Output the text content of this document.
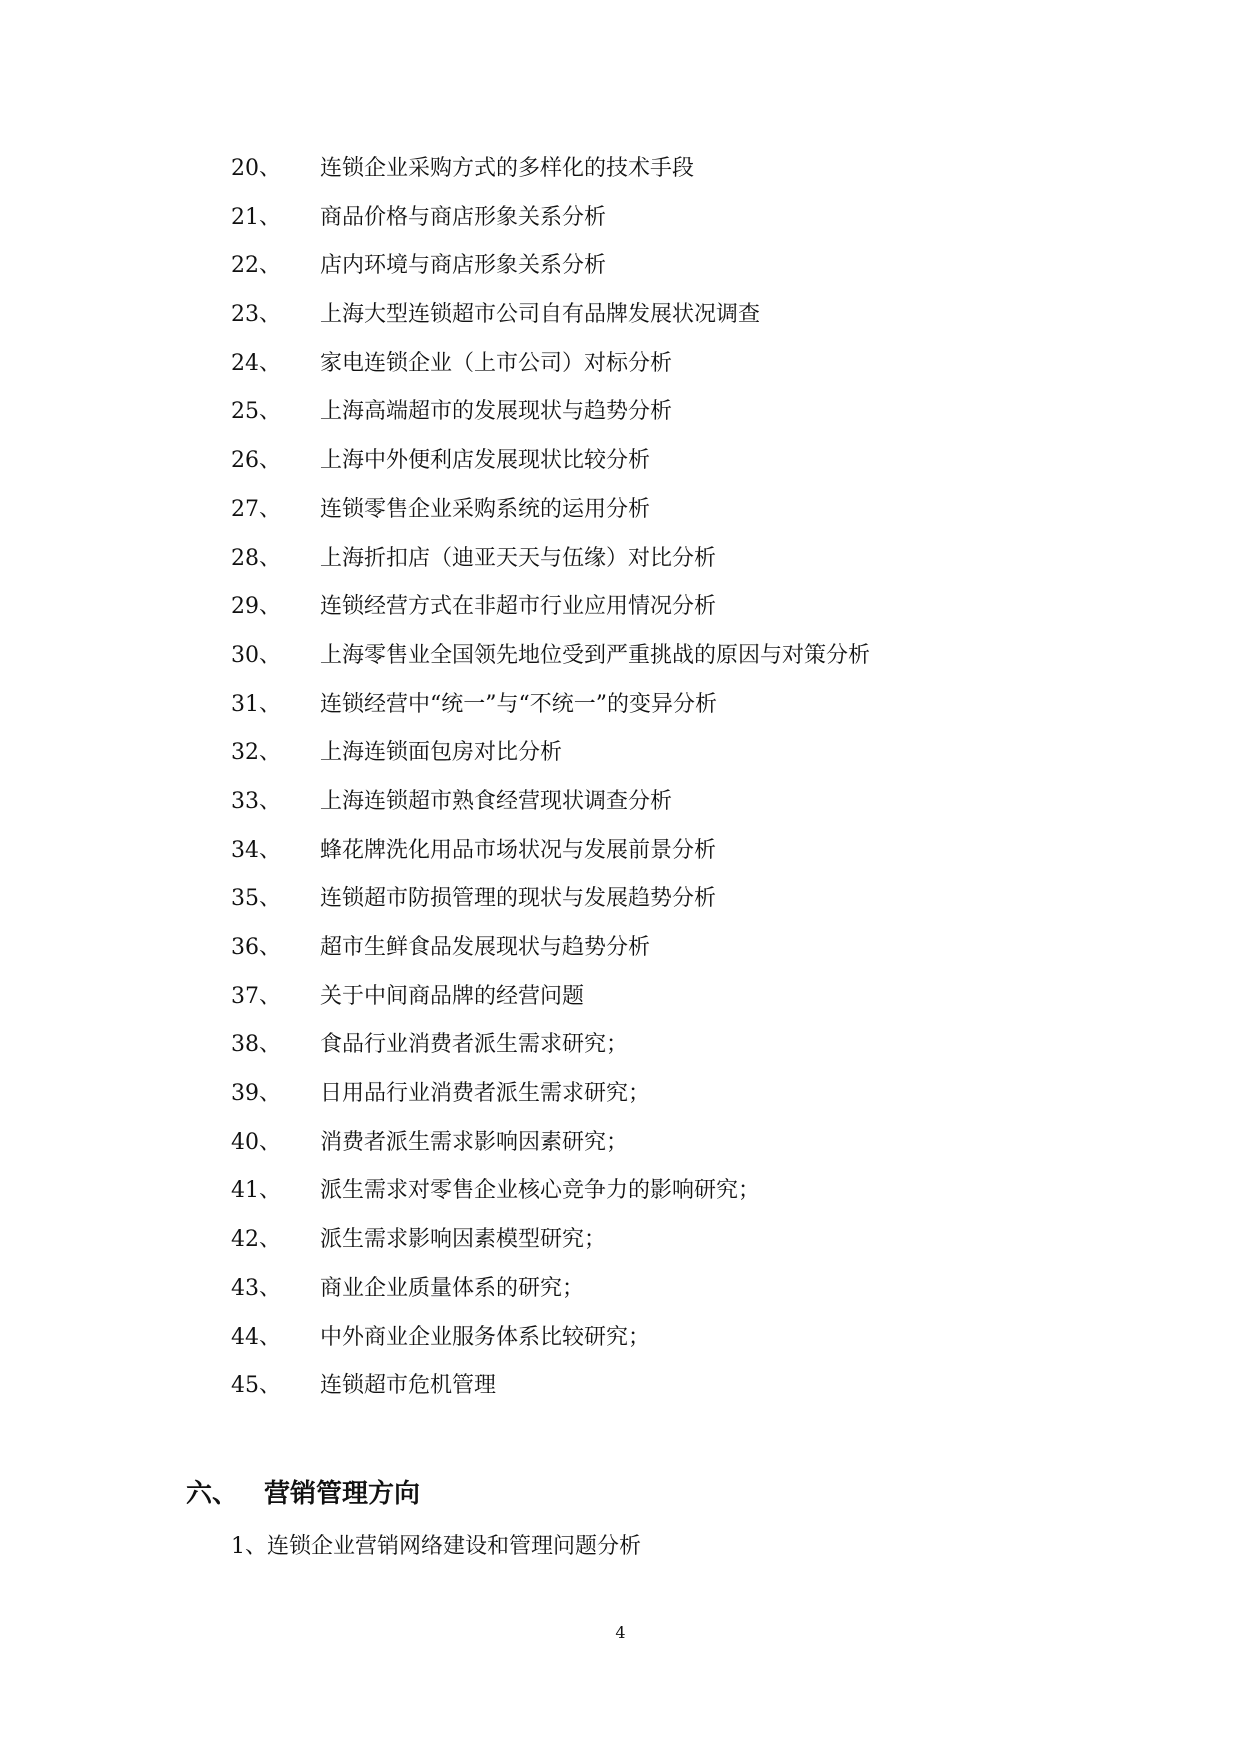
20、 连锁企业采购方式的多样化的技术手段
21、 商品价格与商店形象关系分析
22、 店内环境与商店形象关系分析
23、 上海大型连锁超市公司自有品牌发展状况调查
24、 家电连锁企业（上市公司）对标分析
25、 上海高端超市的发展现状与趋势分析
26、 上海中外便利店发展现状比较分析
27、 连锁零售企业采购系统的运用分析
28、 上海折扣店（迪亚天天与伍缘）对比分析
29、 连锁经营方式在非超市行业应用情况分析
30、 上海零售业全国领先地位受到严重挑战的原因与对策分析
31、 连锁经营中“统一”与“不统一”的变异分析
32、 上海连锁面包房对比分析
33、 上海连锁超市熟食经营现状调查分析
34、 蜂花牌洗化用品市场状况与发展前景分析
35、 连锁超市防损管理的现状与发展趋势分析
36、 超市生鲜食品发展现状与趋势分析
37、 关于中间商品牌的经营问题
38、 食品行业消费者派生需求研究；
39、 日用品行业消费者派生需求研究；
40、 消费者派生需求影响因素研究；
41、 派生需求对零售企业核心竞争力的影响研究；
42、 派生需求影响因素模型研究；
43、 商业企业质量体系的研究；
44、 中外商业企业服务体系比较研究；
45、 连锁超市危机管理
六、 营销管理方向
1、连锁企业营销网络建设和管理问题分析
4
